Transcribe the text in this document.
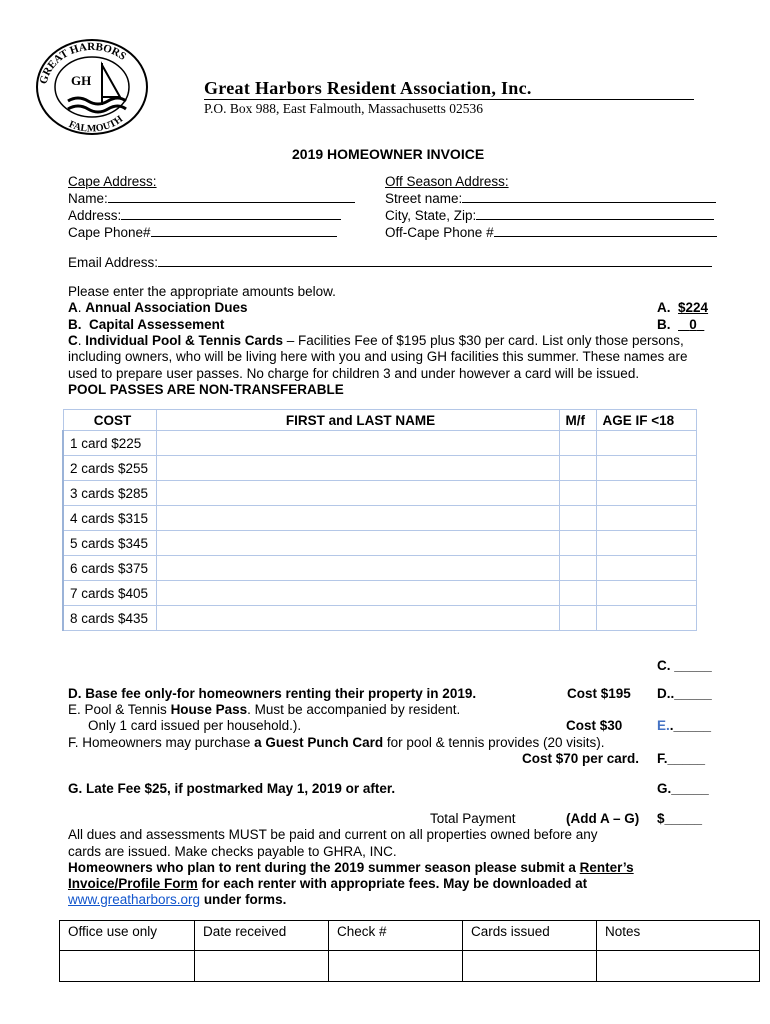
GREAT HARBORS
FALMOUTH
GH	Great Harbors Resident Association, Inc.
P.O. Box 988, East Falmouth, Massachusetts 02536
2019 HOMEOWNER INVOICE
Cape Address:
Name:
Address:
Cape Phone#
Off Season Address:
Street name:
City, State, Zip:
Off-Cape Phone #
Email Address:
Please enter the appropriate amounts below.
A. Annual Association Dues	A. $224
B. Capital Assessement	B. 0
C. Individual Pool & Tennis Cards – Facilities Fee of $195 plus $30 per card. List only those persons,
including owners, who will be living here with you and using GH facilities this summer. These names are
used to prepare user passes. No charge for children 3 and under however a card will be issued.
POOL PASSES ARE NON-TRANSFERABLE
COST	FIRST and LAST NAME	M/f	AGE IF <18
1 card $225			
2 cards $255			
3 cards $285			
4 cards $315			
5 cards $345			
6 cards $375			
7 cards $405			
8 cards $435			
C. _____
D. Base fee only-for homeowners renting their property in 2019.	Cost $195 D.._____
E. Pool & Tennis House Pass. Must be accompanied by resident.
Only 1 card issued per household.).	Cost $30	E.._____
F. Homeowners may purchase a Guest Punch Card for pool & tennis provides (20 visits).
Cost $70 per card. F._____
G. Late Fee $25, if postmarked May 1, 2019 or after.	G._____
Total Payment	(Add A – G) $_____
All dues and assessments MUST be paid and current on all properties owned before any
cards are issued. Make checks payable to GHRA, INC.
Homeowners who plan to rent during the 2019 summer season please submit a Renter’s
Invoice/Profile Form for each renter with appropriate fees. May be downloaded at
www.greatharbors.org under forms.
Office use only	Date received	Check #	Cards issued	Notes
